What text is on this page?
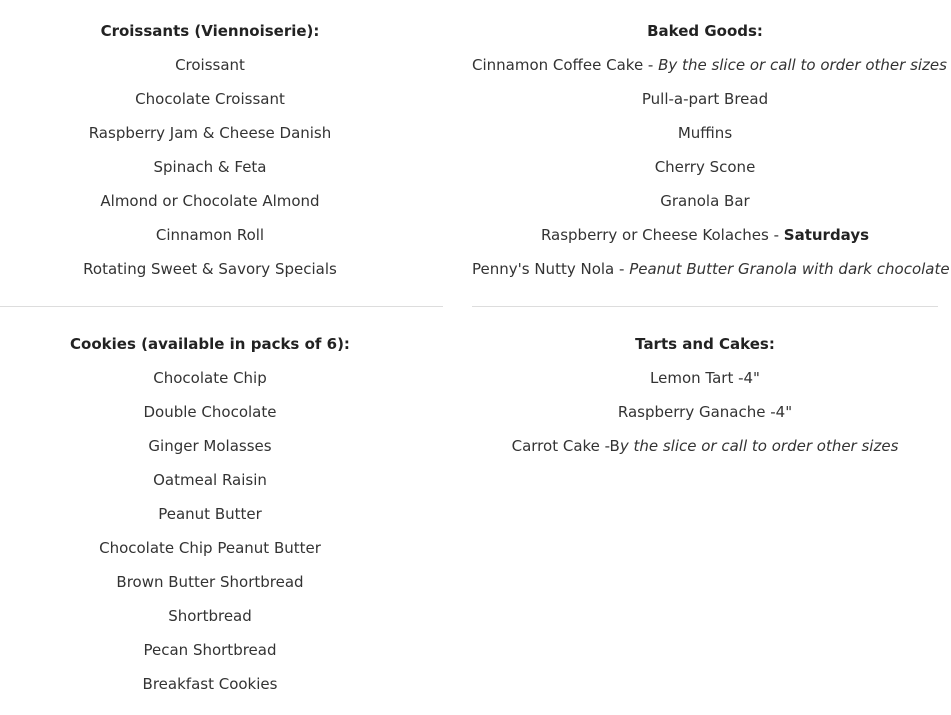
Croissants (Viennoiserie):
Croissant
Chocolate Croissant
Raspberry Jam & Cheese Danish
Spinach & Feta
Almond or Chocolate Almond
Cinnamon Roll
Rotating Sweet & Savory Specials
Cookies (available in packs of 6):
Chocolate Chip
Double Chocolate
Ginger Molasses
Oatmeal Raisin
Peanut Butter
Chocolate Chip Peanut Butter
Brown Butter Shortbread
Shortbread
Pecan Shortbread
Breakfast Cookies
Baked Goods:
Cinnamon Coffee Cake - By the slice or call to order other sizes
Pull-a-part Bread
Muffins
Cherry Scone
Granola Bar
Raspberry or Cheese Kolaches - Saturdays
Penny's Nutty Nola - Peanut Butter Granola with dark chocolate
Tarts and Cakes:
Lemon Tart -4"
Raspberry Ganache -4"
Carrot Cake -By the slice or call to order other sizes
